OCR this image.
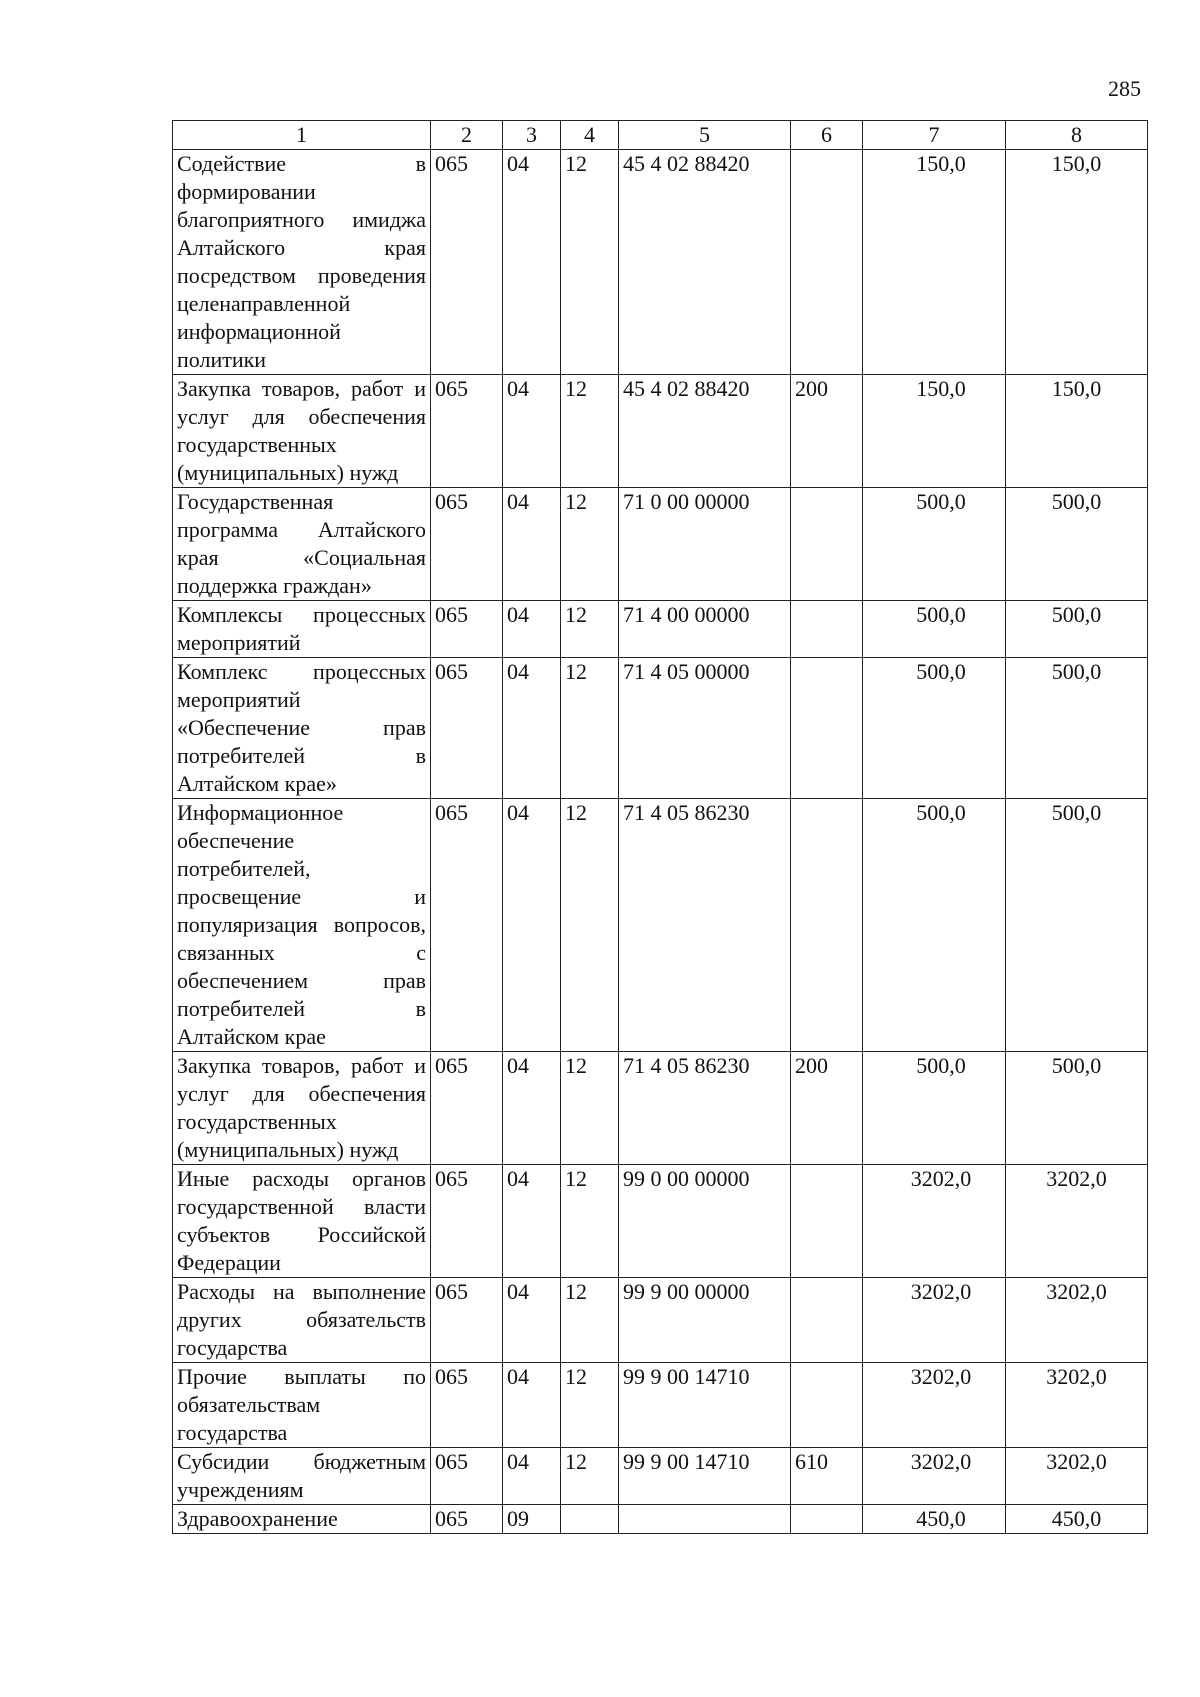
285
1	2	3	4	5	6	7	8
Содействие в формировании благоприятного имиджа Алтайского края посредством проведения целенаправленной информационной политики	065	04	12	45 4 02 88420		150,0	150,0
Закупка товаров, работ и услуг для обеспечения государственных (муниципальных) нужд	065	04	12	45 4 02 88420	200	150,0	150,0
Государственная программа Алтайского края «Социальная поддержка граждан»	065	04	12	71 0 00 00000		500,0	500,0
Комплексы процессных мероприятий	065	04	12	71 4 00 00000		500,0	500,0
Комплекс процессных мероприятий «Обеспечение прав потребителей в Алтайском крае»	065	04	12	71 4 05 00000		500,0	500,0
Информационное обеспечение потребителей, просвещение и популяризация вопросов, связанных с обеспечением прав потребителей в Алтайском крае	065	04	12	71 4 05 86230		500,0	500,0
Закупка товаров, работ и услуг для обеспечения государственных (муниципальных) нужд	065	04	12	71 4 05 86230	200	500,0	500,0
Иные расходы органов государственной власти субъектов Российской Федерации	065	04	12	99 0 00 00000		3202,0	3202,0
Расходы на выполнение других обязательств государства	065	04	12	99 9 00 00000		3202,0	3202,0
Прочие выплаты по обязательствам государства	065	04	12	99 9 00 14710		3202,0	3202,0
Субсидии бюджетным учреждениям	065	04	12	99 9 00 14710	610	3202,0	3202,0
Здравоохранение	065	09				450,0	450,0
